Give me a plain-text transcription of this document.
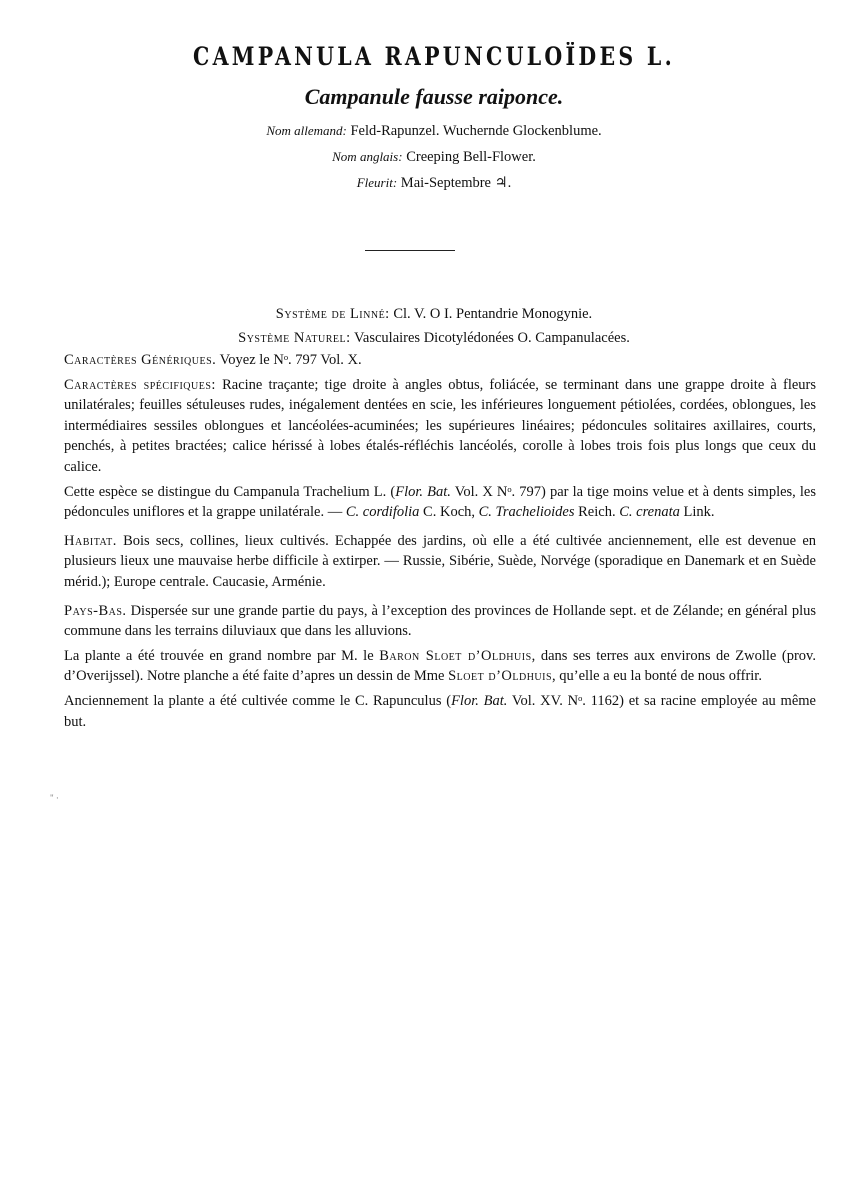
CAMPANULA RAPUNCULOÏDES L.
Campanule fausse raiponce.
Nom allemand: Feld-Rapunzel. Wuchernde Glockenblume.
Nom anglais: Creeping Bell-Flower.
Fleurit: Mai-Septembre ♃.
Système de Linné: Cl. V. O I. Pentandrie Monogynie.
Système Naturel: Vasculaires Dicotylédonées O. Campanulacées.

Caractères Génériques. Voyez le Nᵒ. 797 Vol. X.

Caractères spécifiques: Racine traçante; tige droite à angles obtus, foliácée, se terminant dans une grappe droite à fleurs unilatérales; feuilles sétuleuses rudes, inégalement dentées en scie, les inférieures longuement pétiolées, cordées, oblongues, les intermédiaires sessiles oblongues et lancéolées-acuminées; les supérieures linéaires; pédoncules solitaires axillaires, courts, penchés, à petites bractées; calice hérissé à lobes étalés-réfléchis lancéolés, corolle à lobes trois fois plus longs que ceux du calice.

Cette espèce se distingue du Campanula Trachelium L. (Flor. Bat. Vol. X Nᵒ. 797) par la tige moins velue et à dents simples, les pédoncules uniflores et la grappe unilatérale. — C. cordifolia C. Koch, C. Trachelioides Reich. C. crenata Link.

Habitat. Bois secs, collines, lieux cultivés. Echappée des jardins, où elle a été cultivée anciennement, elle est devenue en plusieurs lieux une mauvaise herbe difficile à extirper. — Russie, Sibérie, Suède, Norvége (sporadique en Danemark et en Suède mérid.); Europe centrale. Caucasie, Arménie.

Pays-Bas. Dispersée sur une grande partie du pays, à l’exception des provinces de Hollande sept. et de Zélande; en général plus commune dans les terrains diluviaux que dans les alluvions.

La plante a été trouvée en grand nombre par M. le Baron Sloet d’Oldhuis, dans ses terres aux environs de Zwolle (prov. d’Overijssel). Notre planche a été faite d’apres un dessin de Mme Sloet d’Oldhuis, qu’elle a eu la bonté de nous offrir.

Anciennement la plante a été cultivée comme le C. Rapunculus (Flor. Bat. Vol. XV. Nᵒ. 1162) et sa racine employée au même but.

" ·
